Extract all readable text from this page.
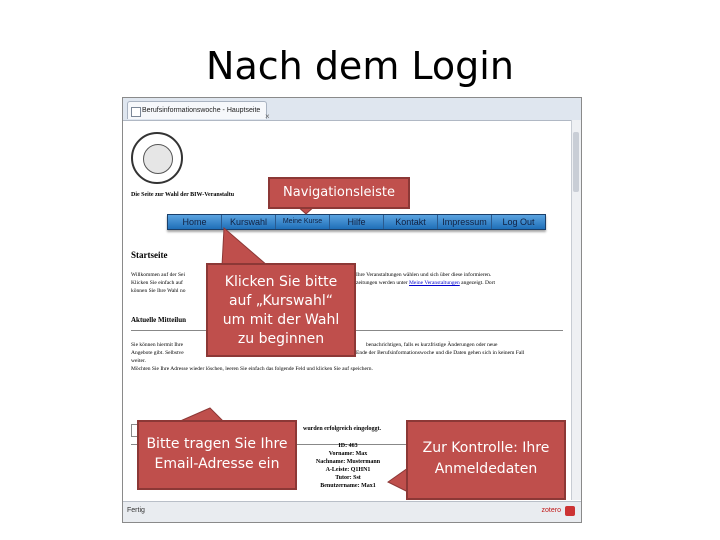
Nach dem Login
Berufsinformationswoche - Hauptseite
×
Die Seite zur Wahl der BIW-Veranstaltu
Home	Kurswahl	Meine Kurse	Hilfe	Kontakt	Impressum	Log Out
Startseite
Willkommen auf der Sei	Ihre Veranstaltungen wählen und sich über diese informieren.
Klicken Sie einfach auf	zeitungen werden unter Meine Veranstaltungen angezeigt. Dort
können Sie Ihre Wahl no
Aktuelle Mitteilun
Sie können hiermit Ihre	benachrichtigen, falls es kurzfristige Änderungen oder neue
Angebote gibt. Selbstve	Ende der Berufsinformationswoche und die Daten gehen sich in keinem Fall
weiter.
Möchten Sie Ihre Adresse wieder löschen, leeren Sie einfach das folgende Feld und klicken Sie auf speichern.
wurden erfolgreich eingeloggt.
ID: 463
Vorname: Max
Nachname: Mustermann
A-Leiste: Q1HN1
Tutor: Sst
Benutzername: Max1
Fertig	zotero
Navigationsleiste
Klicken Sie bitte
auf „Kurswahl“
um mit der Wahl
zu beginnen
Bitte tragen Sie Ihre
Email-Adresse ein
Zur Kontrolle: Ihre
Anmeldedaten
